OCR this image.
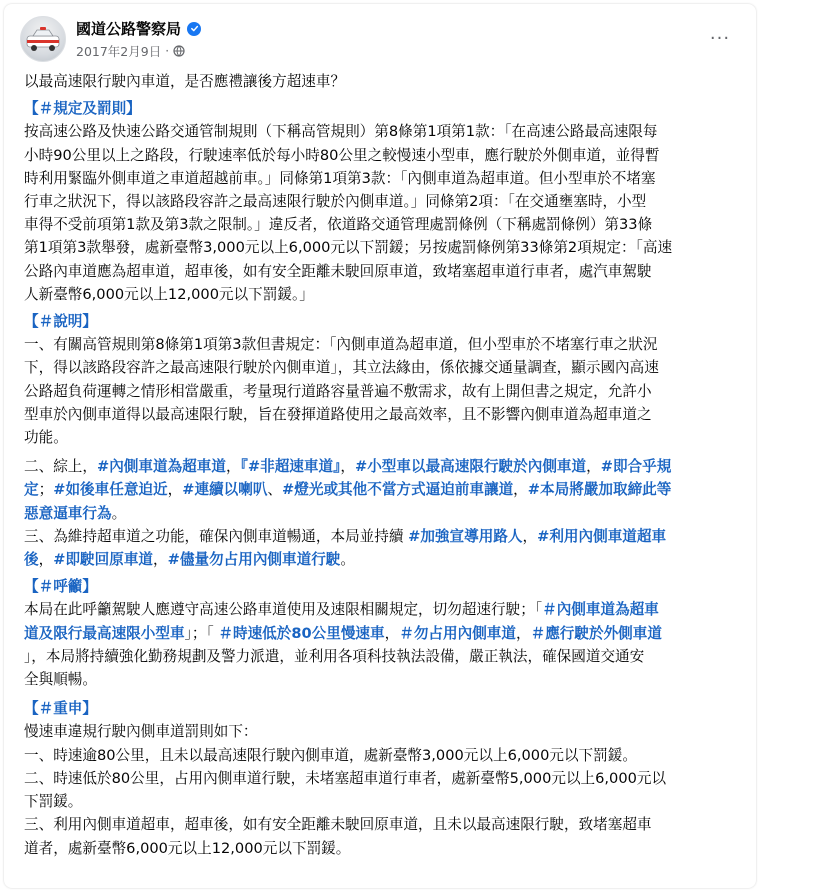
國道公路警察局
2017年2月9日 ·
···
以最高速限行駛內車道，是否應禮讓後方超速車？
【＃規定及罰則】
按高速公路及快速公路交通管制規則（下稱高管規則）第8條第1項第1款：「在高速公路最高速限每
小時90公里以上之路段，行駛速率低於每小時80公里之較慢速小型車，應行駛於外側車道，並得暫
時利用緊臨外側車道之車道超越前車。」同條第1項第3款：「內側車道為超車道。但小型車於不堵塞
行車之狀況下，得以該路段容許之最高速限行駛於內側車道。」同條第2項：「在交通壅塞時，小型
車得不受前項第1款及第3款之限制。」違反者，依道路交通管理處罰條例（下稱處罰條例）第33條
第1項第3款舉發，處新臺幣3,000元以上6,000元以下罰鍰；另按處罰條例第33條第2項規定：「高速
公路內車道應為超車道，超車後，如有安全距離未駛回原車道，致堵塞超車道行車者，處汽車駕駛
人新臺幣6,000元以上12,000元以下罰鍰。」
【＃說明】
一、有關高管規則第8條第1項第3款但書規定：「內側車道為超車道，但小型車於不堵塞行車之狀況
下，得以該路段容許之最高速限行駛於內側車道」，其立法緣由，係依據交通量調查，顯示國內高速
公路超負荷運轉之情形相當嚴重，考量現行道路容量普遍不敷需求，故有上開但書之規定，允許小
型車於內側車道得以最高速限行駛，旨在發揮道路使用之最高效率，且不影響內側車道為超車道之
功能。
二、綜上，#內側車道為超車道，『#非超速車道』，#小型車以最高速限行駛於內側車道，#即合乎規
定；#如後車任意迫近，#連續以喇叭、#燈光或其他不當方式逼迫前車讓道，#本局將嚴加取締此等
惡意逼車行為。
三、為維持超車道之功能，確保內側車道暢通，本局並持續 #加強宣導用路人，#利用內側車道超車
後，#即駛回原車道，#儘量勿占用內側車道行駛。
【＃呼籲】
本局在此呼籲駕駛人應遵守高速公路車道使用及速限相關規定，切勿超速行駛；「＃內側車道為超車
道及限行最高速限小型車」；「 ＃時速低於80公里慢速車，＃勿占用內側車道，＃應行駛於外側車道
」，本局將持續強化勤務規劃及警力派遣，並利用各項科技執法設備，嚴正執法，確保國道交通安
全與順暢。
【＃重申】
慢速車違規行駛內側車道罰則如下：
一、時速逾80公里，且未以最高速限行駛內側車道，處新臺幣3,000元以上6,000元以下罰鍰。
二、時速低於80公里，占用內側車道行駛，未堵塞超車道行車者，處新臺幣5,000元以上6,000元以
下罰鍰。
三、利用內側車道超車，超車後，如有安全距離未駛回原車道，且未以最高速限行駛，致堵塞超車
道者，處新臺幣6,000元以上12,000元以下罰鍰。
